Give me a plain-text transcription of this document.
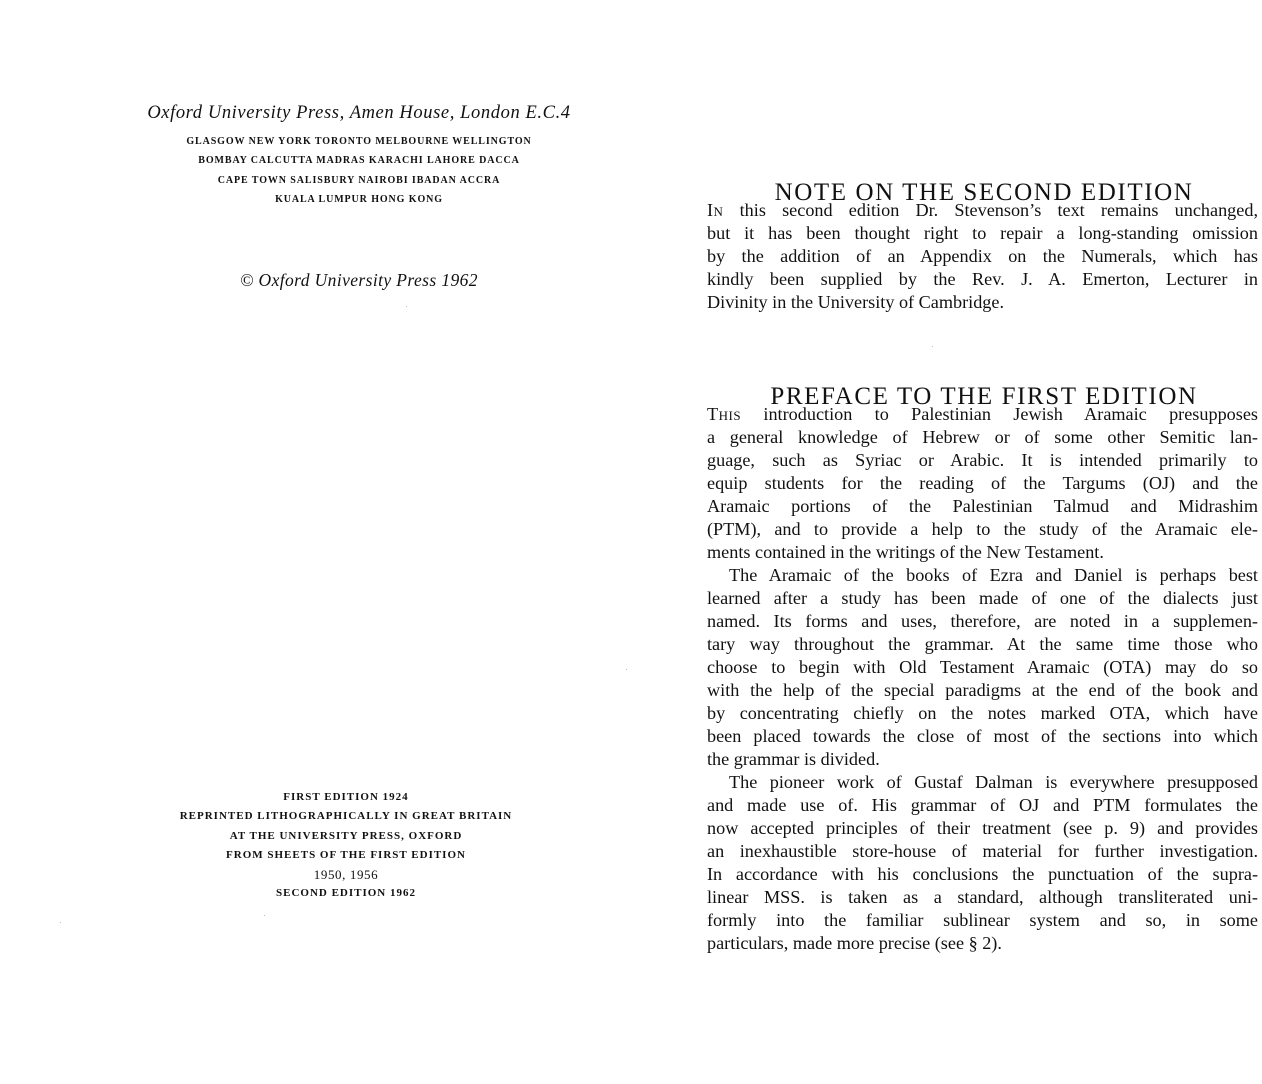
Oxford University Press, Amen House, London E.C.4
GLASGOW NEW YORK TORONTO MELBOURNE WELLINGTON
BOMBAY CALCUTTA MADRAS KARACHI LAHORE DACCA
CAPE TOWN SALISBURY NAIROBI IBADAN ACCRA
KUALA LUMPUR HONG KONG
© Oxford University Press 1962
FIRST EDITION 1924
REPRINTED LITHOGRAPHICALLY IN GREAT BRITAIN
AT THE UNIVERSITY PRESS, OXFORD
FROM SHEETS OF THE FIRST EDITION
1950, 1956
SECOND EDITION 1962
NOTE ON THE SECOND EDITION
In this second edition Dr. Stevenson’s text remains unchanged,
but it has been thought right to repair a long-standing omission
by the addition of an Appendix on the Numerals, which has
kindly been supplied by the Rev. J. A. Emerton, Lecturer in
Divinity in the University of Cambridge.
PREFACE TO THE FIRST EDITION
This introduction to Palestinian Jewish Aramaic presupposes
a general knowledge of Hebrew or of some other Semitic lan-
guage, such as Syriac or Arabic. It is intended primarily to
equip students for the reading of the Targums (OJ) and the
Aramaic portions of the Palestinian Talmud and Midrashim
(PTM), and to provide a help to the study of the Aramaic ele-
ments contained in the writings of the New Testament.
The Aramaic of the books of Ezra and Daniel is perhaps best
learned after a study has been made of one of the dialects just
named. Its forms and uses, therefore, are noted in a supplemen-
tary way throughout the grammar. At the same time those who
choose to begin with Old Testament Aramaic (OTA) may do so
with the help of the special paradigms at the end of the book and
by concentrating chiefly on the notes marked OTA, which have
been placed towards the close of most of the sections into which
the grammar is divided.
The pioneer work of Gustaf Dalman is everywhere presupposed
and made use of. His grammar of OJ and PTM formulates the
now accepted principles of their treatment (see p. 9) and provides
an inexhaustible store-house of material for further investigation.
In accordance with his conclusions the punctuation of the supra-
linear MSS. is taken as a standard, although transliterated uni-
formly into the familiar sublinear system and so, in some
particulars, made more precise (see § 2).
